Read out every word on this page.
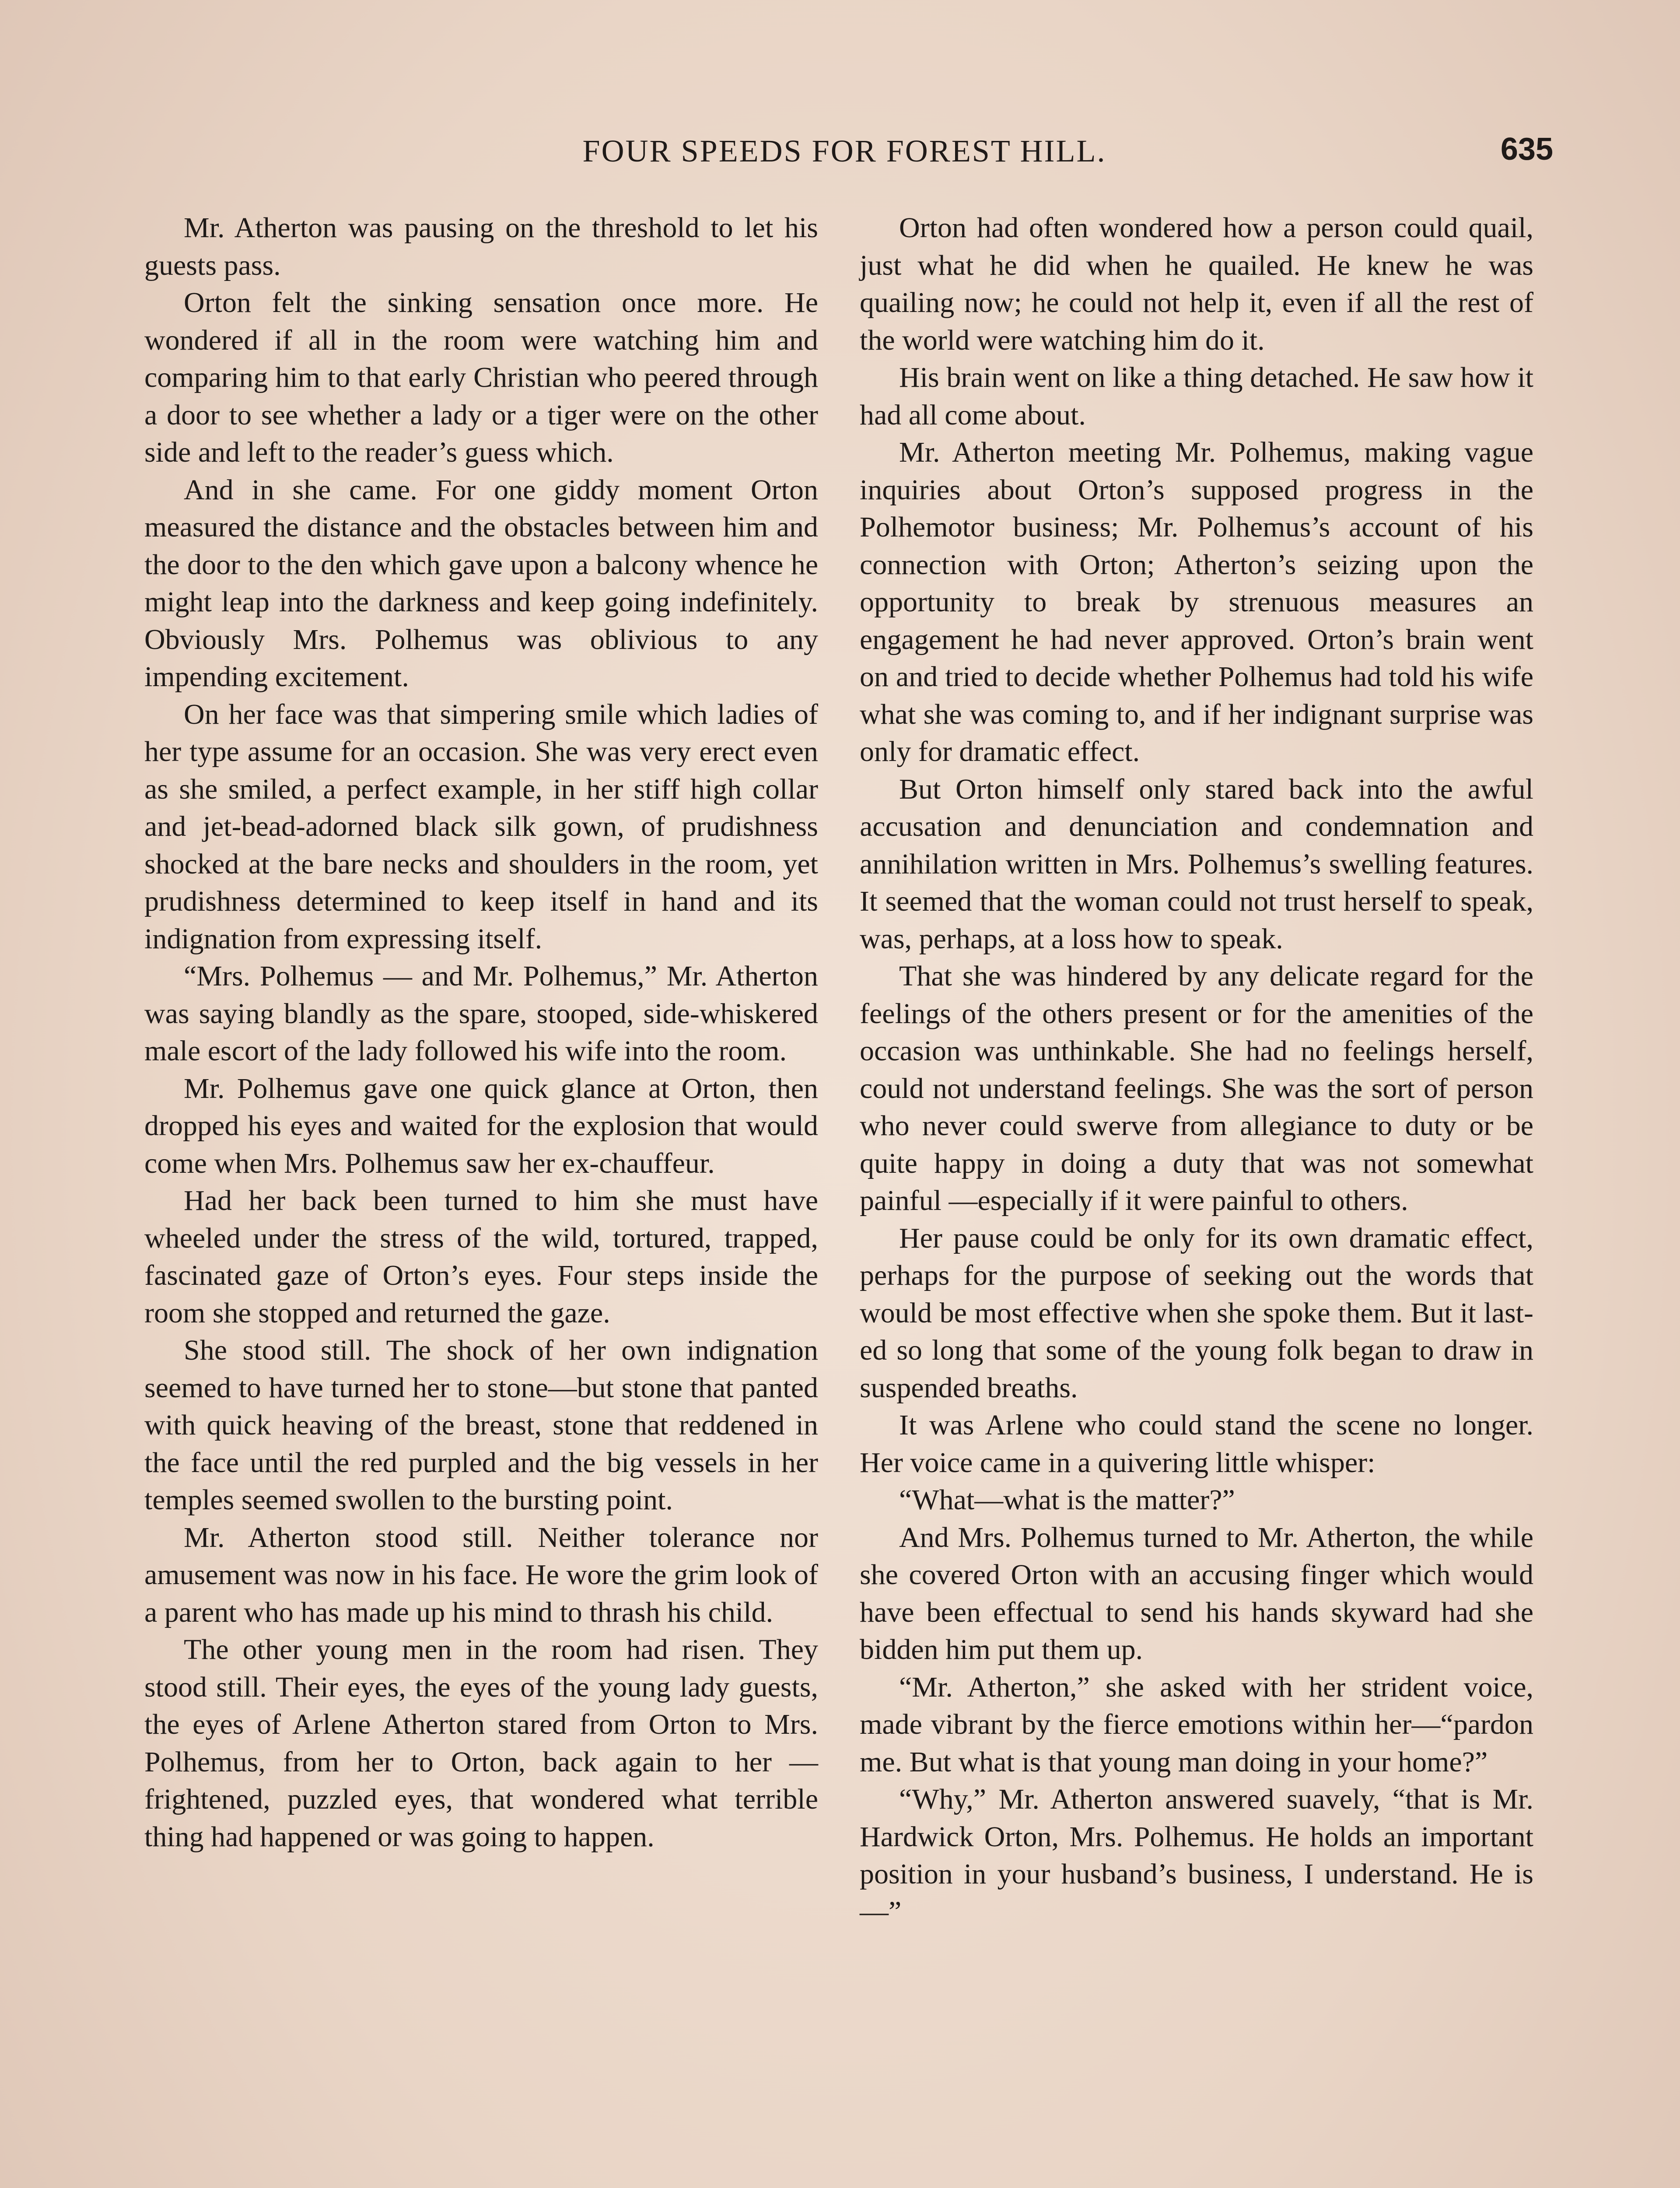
FOUR SPEEDS FOR FOREST HILL.	635

Mr. Atherton was pausing on the threshold to let his guests pass.

Orton felt the sinking sensation once more. He wondered if all in the room were watching him and comparing him to that early Christian who peered through a door to see whether a lady or a tiger were on the other side and left to the reader’s guess which.

And in she came. For one giddy moment Orton measured the distance and the obstacles between him and the door to the den which gave upon a balcony whence he might leap into the darkness and keep going indefinitely. Obviously Mrs. Polhemus was oblivious to any impending excitement.

On her face was that simpering smile which ladies of her type assume for an occasion. She was very erect even as she smiled, a perfect example, in her stiff high collar and jet-bead-adorned black silk gown, of prudishness shocked at the bare necks and shoulders in the room, yet prudishness determined to keep itself in hand and its indignation from expressing itself.

“Mrs. Polhemus — and Mr. Polhemus,” Mr. Atherton was saying blandly as the spare, stooped, side-whiskered male escort of the lady followed his wife into the room.

Mr. Polhemus gave one quick glance at Orton, then dropped his eyes and waited for the explosion that would come when Mrs. Polhemus saw her ex-chauffeur.

Had her back been turned to him she must have wheeled under the stress of the wild, tortured, trapped, fascinated gaze of Orton’s eyes. Four steps inside the room she stopped and returned the gaze.

She stood still. The shock of her own indignation seemed to have turned her to stone—but stone that panted with quick heaving of the breast, stone that reddened in the face until the red purpled and the big vessels in her temples seemed swollen to the bursting point.

Mr. Atherton stood still. Neither tolerance nor amusement was now in his face. He wore the grim look of a parent who has made up his mind to thrash his child.

The other young men in the room had risen. They stood still. Their eyes, the eyes of the young lady guests, the eyes of Arlene Atherton stared from Orton to Mrs. Polhemus, from her to Orton, back again to her — frightened, puzzled eyes, that wondered what terrible thing had happened or was going to happen.

Orton had often wondered how a person could quail, just what he did when he quailed. He knew he was quailing now; he could not help it, even if all the rest of the world were watching him do it.

His brain went on like a thing detached. He saw how it had all come about.

Mr. Atherton meeting Mr. Polhemus, making vague inquiries about Orton’s supposed progress in the Polhemotor business; Mr. Polhemus’s account of his connection with Orton; Atherton’s seizing upon the opportunity to break by strenuous measures an engagement he had never approved. Orton’s brain went on and tried to decide whether Polhemus had told his wife what she was coming to, and if her indignant surprise was only for dramatic effect.

But Orton himself only stared back into the awful accusation and denunciation and condemnation and annihilation written in Mrs. Polhemus’s swelling features. It seemed that the woman could not trust herself to speak, was, perhaps, at a loss how to speak.

That she was hindered by any delicate regard for the feelings of the others present or for the amenities of the occasion was unthinkable. She had no feelings herself, could not understand feelings. She was the sort of person who never could swerve from allegiance to duty or be quite happy in doing a duty that was not somewhat painful —especially if it were painful to others.

Her pause could be only for its own dramatic effect, perhaps for the purpose of seeking out the words that would be most effective when she spoke them. But it lasted so long that some of the young folk began to draw in suspended breaths.

It was Arlene who could stand the scene no longer. Her voice came in a quivering little whisper:

“What—what is the matter?”

And Mrs. Polhemus turned to Mr. Atherton, the while she covered Orton with an accusing finger which would have been effectual to send his hands skyward had she bidden him put them up.

“Mr. Atherton,” she asked with her strident voice, made vibrant by the fierce emotions within her—“pardon me. But what is that young man doing in your home?”

“Why,” Mr. Atherton answered suavely, “that is Mr. Hardwick Orton, Mrs. Polhemus. He holds an important position in your husband’s business, I understand. He is—”
